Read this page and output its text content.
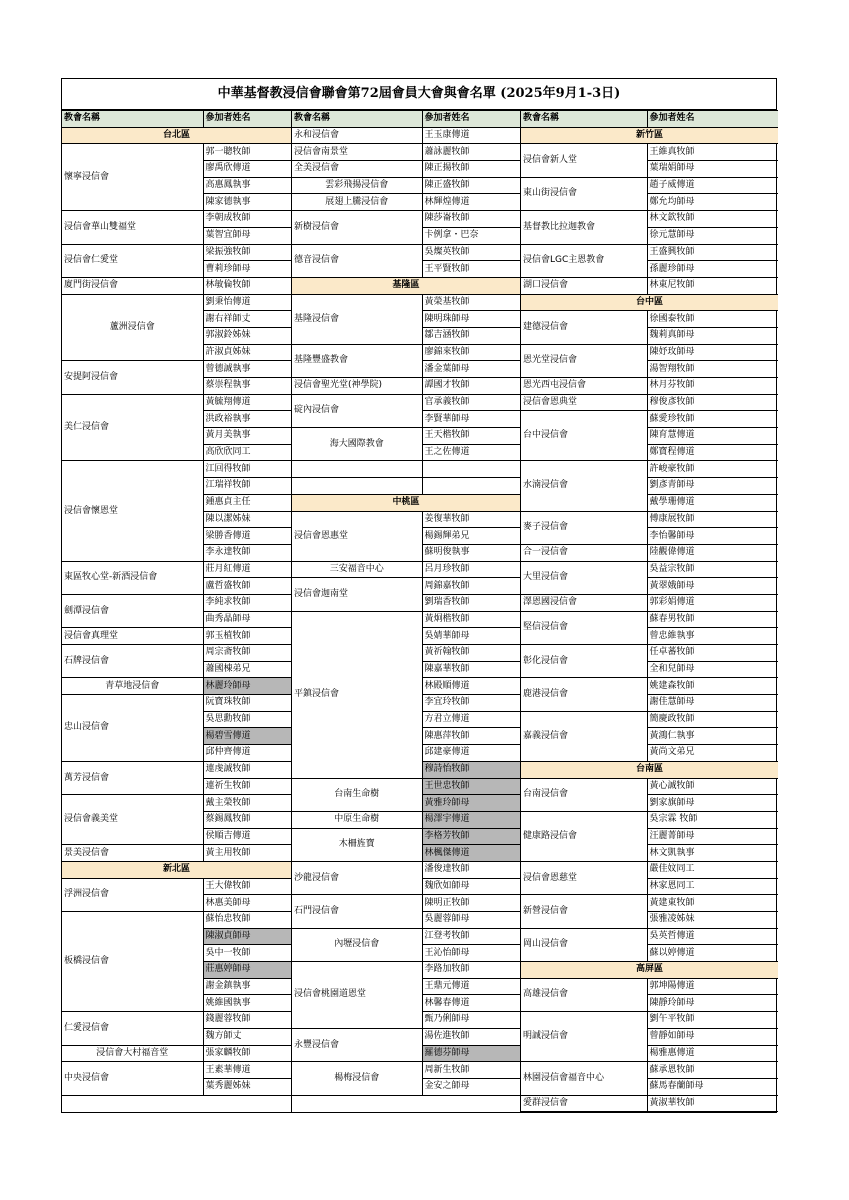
中華基督教浸信會聯會第72屆會員大會與會名單 (2025年9月1-3日)
教會名稱	參加者姓名
台北區	
懷寧浸信會	郭一聰牧師
	廖禹欣傳道
	高惠鳳執事
	陳家德執事
浸信會華山雙福堂	李朝成牧師
	葉智宜師母
浸信會仁愛堂	梁振強牧師
	曹莉珍師母
廈門街浸信會	林敏倫牧師
蘆洲浸信會	劉秉怡傳道
	謝右祥師丈
	郭淑鈴姊妹
	許淑貞姊妹
安提阿浸信會	曾德誠執事
	蔡崇程執事
美仁浸信會	黃毓翔傳道
	洪政裕執事
	黃月美執事
	高欣欣同工
浸信會懷恩堂	江回得牧師
	江瑞祥牧師
	鍾惠貞主任
	陳以潔姊妹
	梁勝香傳道
	李永達牧師
東區牧心堂-新酒浸信會	莊月紅傳道
	盧哲盛牧師
劍潭浸信會	李純求牧師
	曲秀晶師母
浸信會真理堂	郭玉植牧師
石牌浸信會	周宗斋牧師
	蕭國棟弟兄
青草地浸信會	林麗玲師母
忠山浸信會	阮寶珠牧師
	吳思勳牧師
	楊碧雪傳道
	邱仲齊傳道
萬芳浸信會	連虔誠牧師
	連祈生牧師
浸信會義美堂	戴主榮牧師
	蔡錫鳳牧師
	侯順吉傳道
景美浸信會	黃主用牧師
新北區	
浮洲浸信會	王大偉牧師
	林惠美師母
板橋浸信會	蘇怡忠牧師
	陳淑貞師母
	吳中一牧師
	莊惠婷師母
	謝金鎮執事
	姚維國執事
仁愛浸信會	錢麗蓉牧師
	魏方師丈
浸信會大村福音堂	張家麟牧師
中央浸信會	王素華傳道
	葉秀麗姊妹
教會名稱	參加者姓名
永和浸信會	王玉康傳道
浸信會南景堂	蕭詠麗牧師
全美浸信會	陳正揚牧師
雲彩飛揚浸信會	陳正盛牧師
展翅上騰浸信會	林輝煌傳道
新樹浸信會	陳莎崙牧師
	卡例拿・巴奈
德音浸信會	吳燦英牧師
	王平賢牧師
基隆區	
基隆浸信會	黃榮基牧師
	陳明珠師母
	鄒吉涵牧師
基隆豐盛教會	廖錦來牧師
	潘金葉師母
浸信會聖光堂(神學院)	譚國才牧師
碇內浸信會	官承義牧師
	李賢華師母
海大國際教會	王天楷牧師
	王之佐傳道

中桃區	
浸信會恩惠堂	姜復華牧師
	楊錫輝弟兄
	蘇明俊執事
三安福音中心	呂月珍牧師
浸信會迦南堂	周錦嘉牧師
	劉瑞香牧師
平鎮浸信會	黃炯楷牧師
	吳婧華師母
	黃祈翰牧師
	陳嘉華牧師
	林殿順傳道
	李宜玲牧師
	方君立傳道
	陳惠萍牧師
	邱建豪傳道
	穆詩怡牧師
台南生命樹	王世忠牧師
	黃雅玲師母
中原生命樹	楊澤宇傳道
木柵旌寶	李格芳牧師
	林楓傑傳道
沙龍浸信會	潘俊達牧師
	魏欣如師母
石門浸信會	陳明正牧師
	吳麗蓉師母
內壢浸信會	江登考牧師
	王沁怡師母
浸信會桃園道恩堂	李路加牧師
	王鼎元傳道
	林馨春傳道
	甄乃俐師母
永豐浸信會	湯佐進牧師
	羅德芬師母
楊梅浸信會	周新生牧師
	金安之師母
教會名稱	參加者姓名
新竹區	
浸信會新人堂	王維真牧師
	葉瑞娟師母
東山街浸信會	趙子威傳道
	鄭允均師母
基督教比拉迦教會	林文欽牧師
	徐元慧師母
浸信會LGC主恩教會	王盛興牧師
	孫麗珍師母
湖口浸信會	林東尼牧師
台中區	
建德浸信會	徐國泰牧師
	魏莉真師母
恩光堂浸信會	陳妤玫師母
	湯智翔牧師
恩光西屯浸信會	林月芬牧師
浸信會恩典堂	穆俊彥牧師
台中浸信會	蘇愛珍牧師
	陳育慧傳道
	鄭寶程傳道
水湳浸信會	許峻豪牧師
	劉彥青師母
	戴學珊傳道
麥子浸信會	傅康展牧師
	李怡馨師母
合一浸信會	陸觀偉傳道
大里浸信會	吳益宗牧師
	黃翠娥師母
澤恩國浸信會	郭彩娟傳道
堅信浸信會	蘇春男牧師
	曾忠維執事
彰化浸信會	任卓蕃牧師
	全和兒師母
鹿港浸信會	姚建森牧師
	謝佳慧師母
嘉義浸信會	簡慶政牧師
	黃鴻仁執事
	黃尚文弟兄
台南區	
台南浸信會	黃心誠牧師
	劉家旗師母
健康路浸信會	吳宗霖 牧師
	汪麗菁師母
	林文凱執事
浸信會恩慈堂	嚴佳妏同工
	林家恩同工
新營浸信會	黃建東牧師
	張雅凌姊妹
岡山浸信會	吳英哲傳道
	蘇以婷傳道
高屏區	
高雄浸信會	郭坤陽傳道
	陳靜玲師母
明誠浸信會	劉午平牧師
	曾靜如師母
	楊雅惠傳道
林園浸信會福音中心	蘇承恩牧師
	蘇馬春蘭師母
愛群浸信會	黃淑華牧師
